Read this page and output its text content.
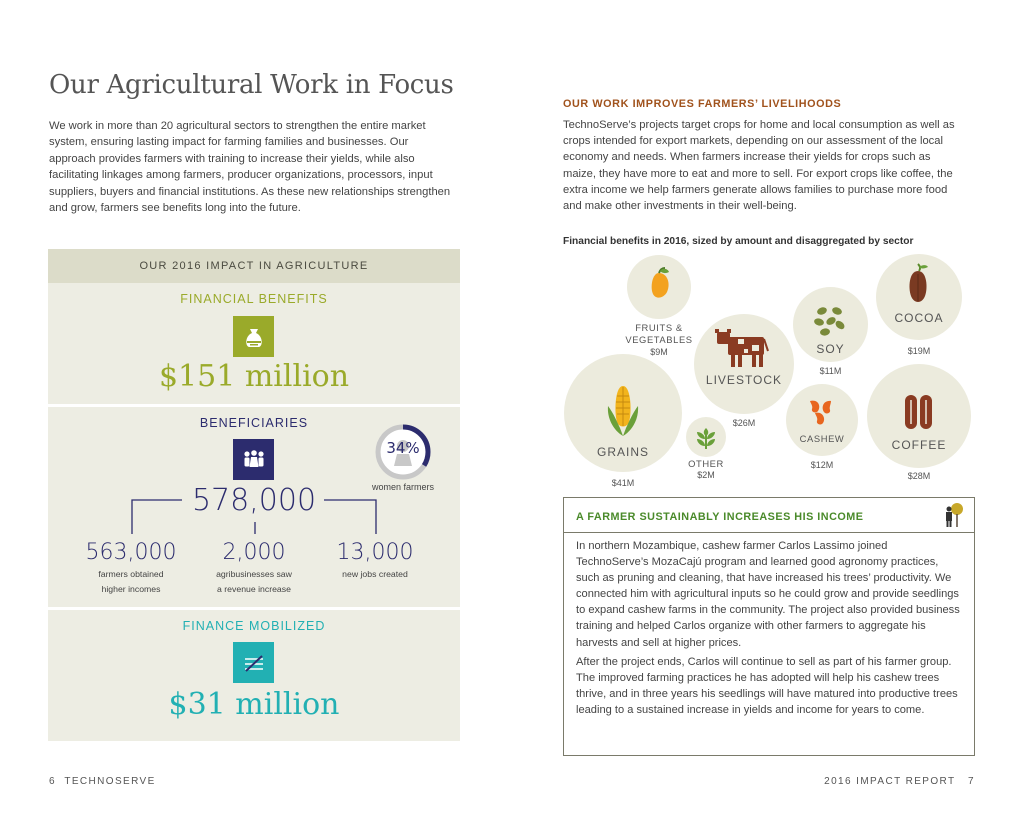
Our Agricultural Work in Focus

We work in more than 20 agricultural sectors to strengthen the entire market system, ensuring lasting impact for farming families and businesses. Our approach provides farmers with training to increase their yields, while also facilitating linkages among farmers, producer organizations, processors, input suppliers, buyers and financial institutions. As these new relationships strengthen and grow, farmers see benefits long into the future.

OUR 2016 IMPACT IN AGRICULTURE
FINANCIAL BENEFITS
$151 million
BENEFICIARIES
34%
women farmers
578,000
563,000
farmers obtained
higher incomes
2,000
agribusinesses saw
a revenue increase
13,000
new jobs created
FINANCE MOBILIZED
$31 million
6 TECHNOSERVE
OUR WORK IMPROVES FARMERS’ LIVELIHOODS

TechnoServe’s projects target crops for home and local consumption as well as crops intended for export markets, depending on our assessment of the local economy and needs. When farmers increase their yields for crops such as maize, they have more to eat and more to sell. For export crops like coffee, the extra income we help farmers generate allows families to purchase more food and make other investments in their well-being.

Financial benefits in 2016, sized by amount and disaggregated by sector
FRUITS &
VEGETABLES
$9M
LIVESTOCK
$26M
SOY
$11M
COCOA
$19M
GRAINS
$41M
OTHER
$2M
CASHEW
$12M
COFFEE
$28M
A FARMER SUSTAINABLY INCREASES HIS INCOME

In northern Mozambique, cashew farmer Carlos Lassimo joined TechnoServe’s MozaCajú program and learned good agronomy practices, such as pruning and cleaning, that have increased his trees’ productivity. We connected him with agricultural inputs so he could grow and provide seedlings to expand cashew farms in the community. The project also provided business training and helped Carlos organize with other farmers to aggregate his harvests and sell at higher prices.

After the project ends, Carlos will continue to sell as part of his farmer group. The improved farming practices he has adopted will help his cashew trees thrive, and in three years his seedlings will have matured into productive trees leading to a sustained increase in yields and income for years to come.

2016 IMPACT REPORT 7
